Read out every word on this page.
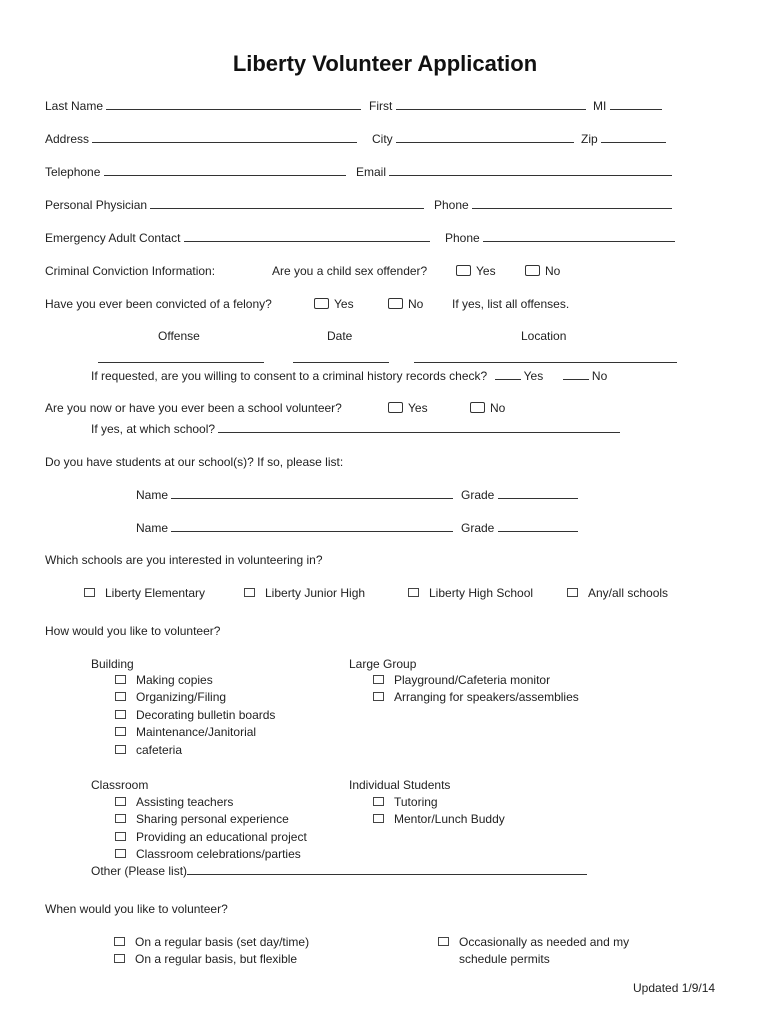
Liberty Volunteer Application
Last Name	First	MI
Address	City	Zip
Telephone	Email
Personal Physician	Phone
Emergency Adult Contact	Phone
Criminal Conviction Information:	Are you a child sex offender?	Yes	No
Have you ever been convicted of a felony?	Yes	No If yes, list all offenses.
Offense	Date	Location
If requested, are you willing to consent to a criminal history records check?	Yes	No
Are you now or have you ever been a school volunteer?	Yes	No
If yes, at which school?
Do you have students at our school(s)? If so, please list:
Name	Grade
Name	Grade
Which schools are you interested in volunteering in?
Liberty Elementary	Liberty Junior High	Liberty High School	Any/all schools
How would you like to volunteer?
Building
Making copies
Organizing/Filing
Decorating bulletin boards
Maintenance/Janitorial
cafeteria
Large Group
Playground/Cafeteria monitor
Arranging for speakers/assemblies
Classroom
Assisting teachers
Sharing personal experience
Providing an educational project
Classroom celebrations/parties
Individual Students
Tutoring
Mentor/Lunch Buddy
Other (Please list)
When would you like to volunteer?
On a regular basis (set day/time)
On a regular basis, but flexible
Occasionally as needed and my
schedule permits
Updated 1/9/14
